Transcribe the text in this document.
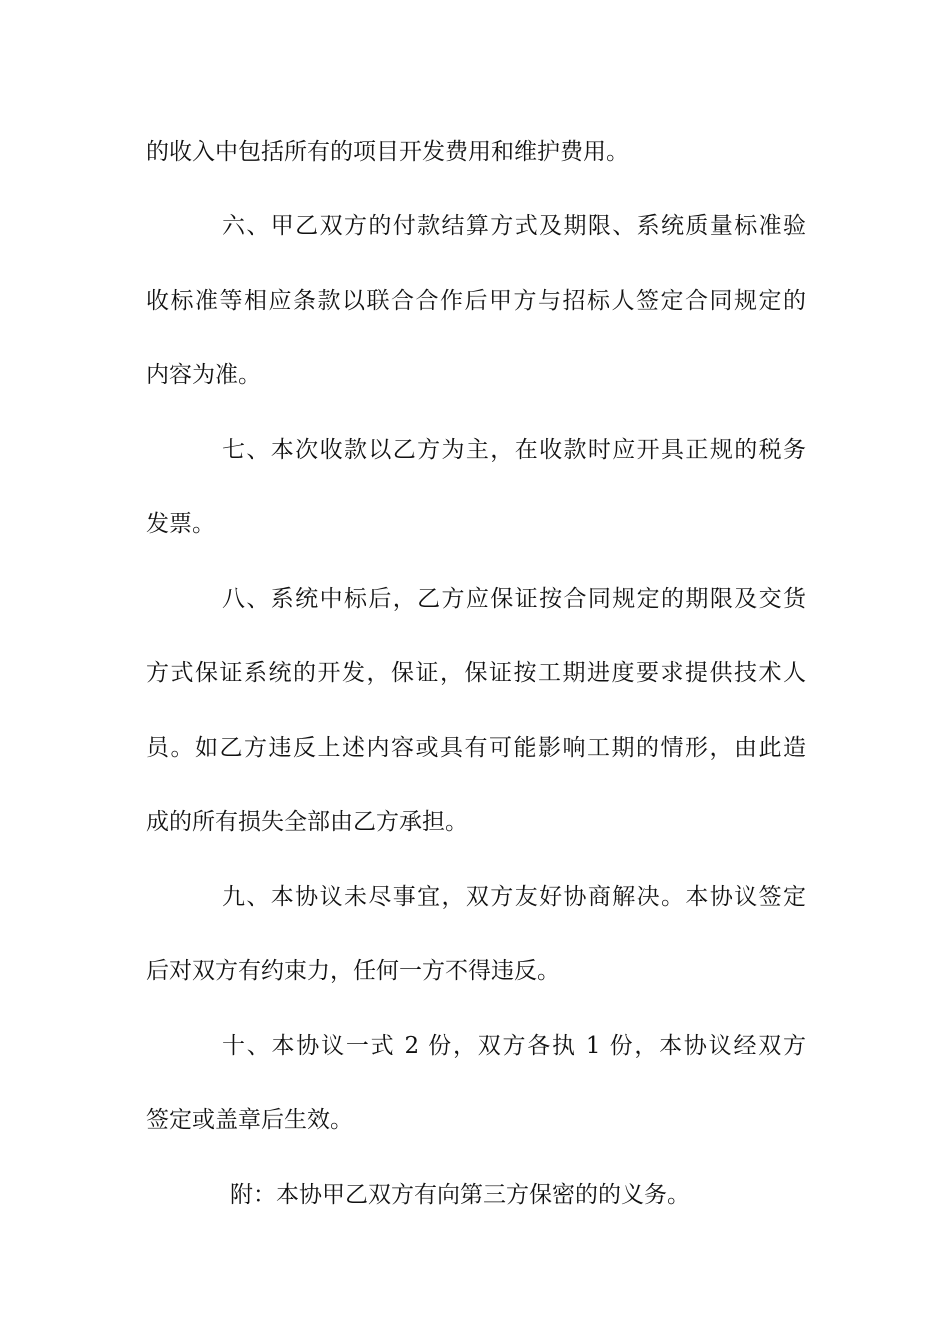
的收入中包括所有的项目开发费用和维护费用。
六、甲乙双方的付款结算方式及期限、系统质量标准验
收标准等相应条款以联合合作后甲方与招标人签定合同规定的
内容为准。
七、本次收款以乙方为主，在收款时应开具正规的税务
发票。
八、系统中标后，乙方应保证按合同规定的期限及交货
方式保证系统的开发，保证，保证按工期进度要求提供技术人
员。如乙方违反上述内容或具有可能影响工期的情形，由此造
成的所有损失全部由乙方承担。
九、本协议未尽事宜，双方友好协商解决。本协议签定
后对双方有约束力，任何一方不得违反。
十、本协议一式 2 份，双方各执 1 份，本协议经双方
签定或盖章后生效。
附：本协甲乙双方有向第三方保密的的义务。
